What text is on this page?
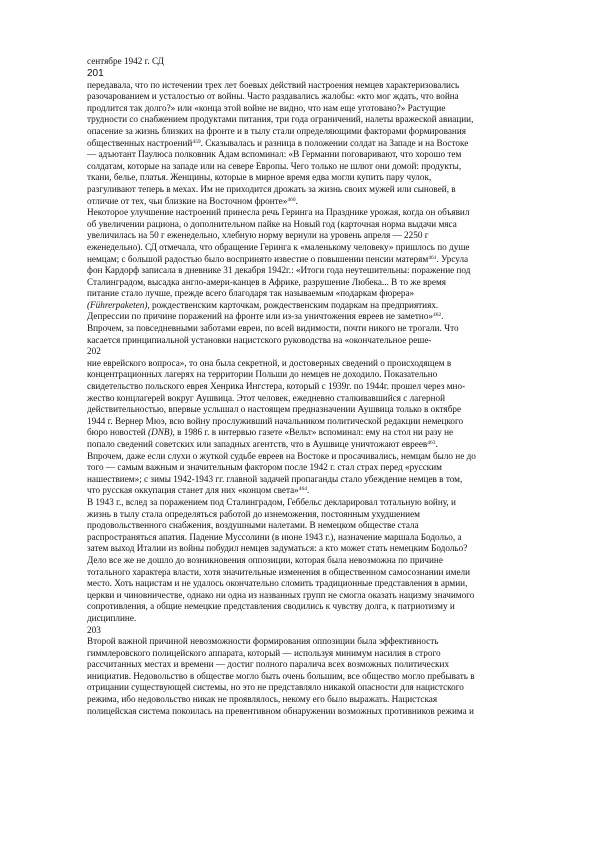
сентябре 1942 г. СД
201
передавала, что по истечении трех лет боевых действий настроения немцев характеризовались
разочарованием и усталостью от войны. Часто раздавались жалобы: «кто мог ждать, что война
продлится так долго?» или «конца этой войне не видно, что нам еще уготовано?» Растущие
трудности со снабжением продуктами питания, три года ограничений, налеты вражеской авиации,
опасение за жизнь близких на фронте и в тылу стали определяющими факторами формирования
общественных настроений$^{459}$. Сказывалась и разница в положении солдат на Западе и на Востоке
— адъютант Паулюса полковник Адам вспоминал: «В Германии поговаривают, что хорошо тем
солдатам, которые на западе или на севере Европы. Чего только не шлют они домой: продукты,
ткани, белье, платья. Женщины, которые в мирное время едва могли купить пару чулок,
разгуливают теперь в мехах. Им не приходится дрожать за жизнь своих мужей или сыновей, в
отличие от тех, чьи близкие на Восточном фронте»$^{460}$.
Некоторое улучшение настроений принесла речь Геринга на Празднике урожая, когда он объявил
об увеличении рациона, о дополнительном пайке на Новый год (карточная норма выдачи мяса
увеличилась на 50 г еженедельно, хлебную норму вернули на уровень апреля — 2250 г
еженедельно). СД отмечала, что обращение Геринга к «маленькому человеку» пришлось по душе
немцам; с большой радостью было воспринято известие о повышении пенсии матерям$^{461}$. Урсула
фон Кардорф записала в дневнике 31 декабря 1942г.: «Итоги года неутешительны: поражение под
Сталинградом, высадка англо-амери-канцев в Африке, разрушение Любека... В то же время
питание стало лучше, прежде всего благодаря так называемым «подаркам фюрера»
(Führerpaketen), рождественским карточкам, рождественским подаркам на предприятиях.
Депрессии по причине поражений на фронте или из-за уничтожения евреев не заметно»$^{462}$.
Впрочем, за повседневными заботами евреи, по всей видимости, почти никого не трогали. Что
касается принципиальной установки нацистского руководства на «окончательное реше-
202
ние еврейского вопроса», то она была секретной, и достоверных сведений о происходящем в
концентрационных лагерях на территории Польши до немцев не доходило. Показательно
свидетельство польского еврея Хенрика Ингстера, который с 1939г. по 1944г. прошел через мно-
жество концлагерей вокруг Аушвица. Этот человек, ежедневно сталкивавшийся с лагерной
действительностью, впервые услышал о настоящем предназначении Аушвица только в октябре
1944 г. Вернер Мюэ, всю войну прослуживший начальником политической редакции немецкого
бюро новостей (DNB), в 1986 г. в интервью газете «Вельт» вспоминал: ему на стол ни разу не
попало сведений советских или западных агентств, что в Аушвице уничтожают евреев$^{463}$.
Впрочем, даже если слухи о жуткой судьбе евреев на Востоке и просачивались, немцам было не до
того — самым важным и значительным фактором после 1942 г. стал страх перед «русским
нашествием»; с зимы 1942-1943 гг. главной задачей пропаганды стало убеждение немцев в том,
что русская оккупация станет для них «концом света»$^{464}$.
В 1943 г., вслед за поражением под Сталинградом, Геббельс декларировал тотальную войну, и
жизнь в тылу стала определяться работой до изнеможения, постоянным ухудшением
продовольственного снабжения, воздушными налетами. В немецком обществе стала
распространяться апатия. Падение Муссолини (в июне 1943 г.), назначение маршала Бодольо, а
затем выход Италии из войны побудил немцев задуматься: а кто может стать немецким Бодольо?
Дело все же не дошло до возникновения оппозиции, которая была невозможна по причине
тотального характера власти, хотя значительные изменения в общественном самосознании имели
место. Хоть нацистам и не удалось окончательно сломить традиционные представления в армии,
церкви и чиновничестве, однако ни одна из названных групп не смогла оказать нацизму значимого
сопротивления, а общие немецкие представления сводились к чувству долга, к патриотизму и
дисциплине.
203
Второй важной причиной невозможности формирования оппозиции была эффективность
гиммлеровского полицейского аппарата, который — используя минимум насилия в строго
рассчитанных местах и времени — достиг полного паралича всех возможных политических
инициатив. Недовольство в обществе могло быть очень большим, все общество могло пребывать в
отрицании существующей системы, но это не представляло никакой опасности для нацистского
режима, ибо недовольство никак не проявлялось, некому его было выражать. Нацистская
полицейская система покоилась на превентивном обнаружении возможных противников режима и
